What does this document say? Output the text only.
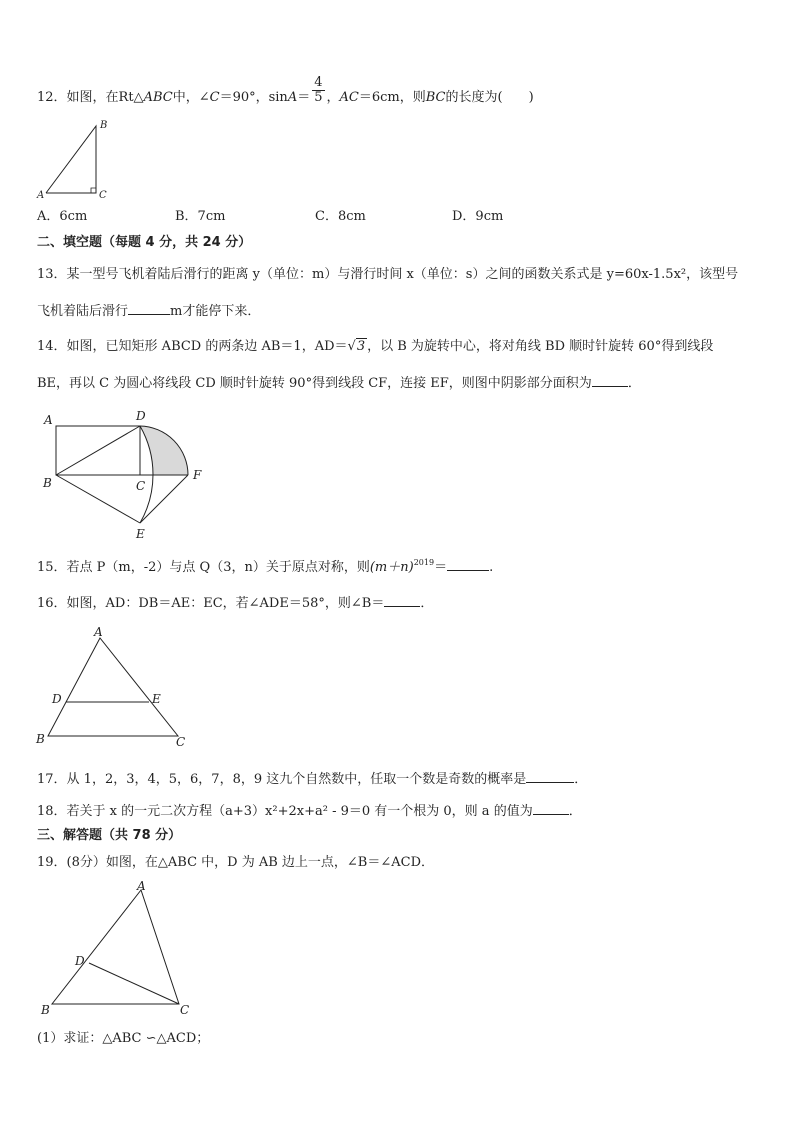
12．如图，在Rt△ABC中，∠C＝90°，$\sin A= \frac{4}{5}$ ，AC＝6cm，则BC的长度为(　　)
B
A	C
A．6cm	B．7cm	C．8cm	D．9cm
二、填空题（每题 4 分，共 24 分）
13．某一型号飞机着陆后滑行的距离 y（单位：m）与滑行时间 x（单位：s）之间的函数关系式是 y=60x-1.5x²，该型号
飞机着陆后滑行	m才能停下来．
14．如图，已知矩形 ABCD 的两条边 AB＝1，AD＝√3 ，以 B 为旋转中心，将对角线 BD 顺时针旋转 60°得到线段
BE，再以 C 为圆心将线段 CD 顺时针旋转 90°得到线段 CF，连接 EF，则图中阴影部分面积为	．
A	D
B	C
F
E
15．若点 P（m，-2）与点 Q（3，n）关于原点对称，则$(m+n)^{2019}=$	.
16．如图，AD：DB＝AE：EC，若∠ADE＝58°，则∠B＝	．
A
D	E
B	C
17．从 1，2，3，4，5，6，7，8，9 这九个自然数中，任取一个数是奇数的概率是	．
18．若关于 x 的一元二次方程（a+3）x²+2x+a² - 9＝0 有一个根为 0，则 a 的值为	．
三、解答题（共 78 分）
19．(8分）如图，在△ABC 中，D 为 AB 边上一点，∠B＝∠ACD．
A
D
B	C
(1）求证：△ABC ∽△ACD；
